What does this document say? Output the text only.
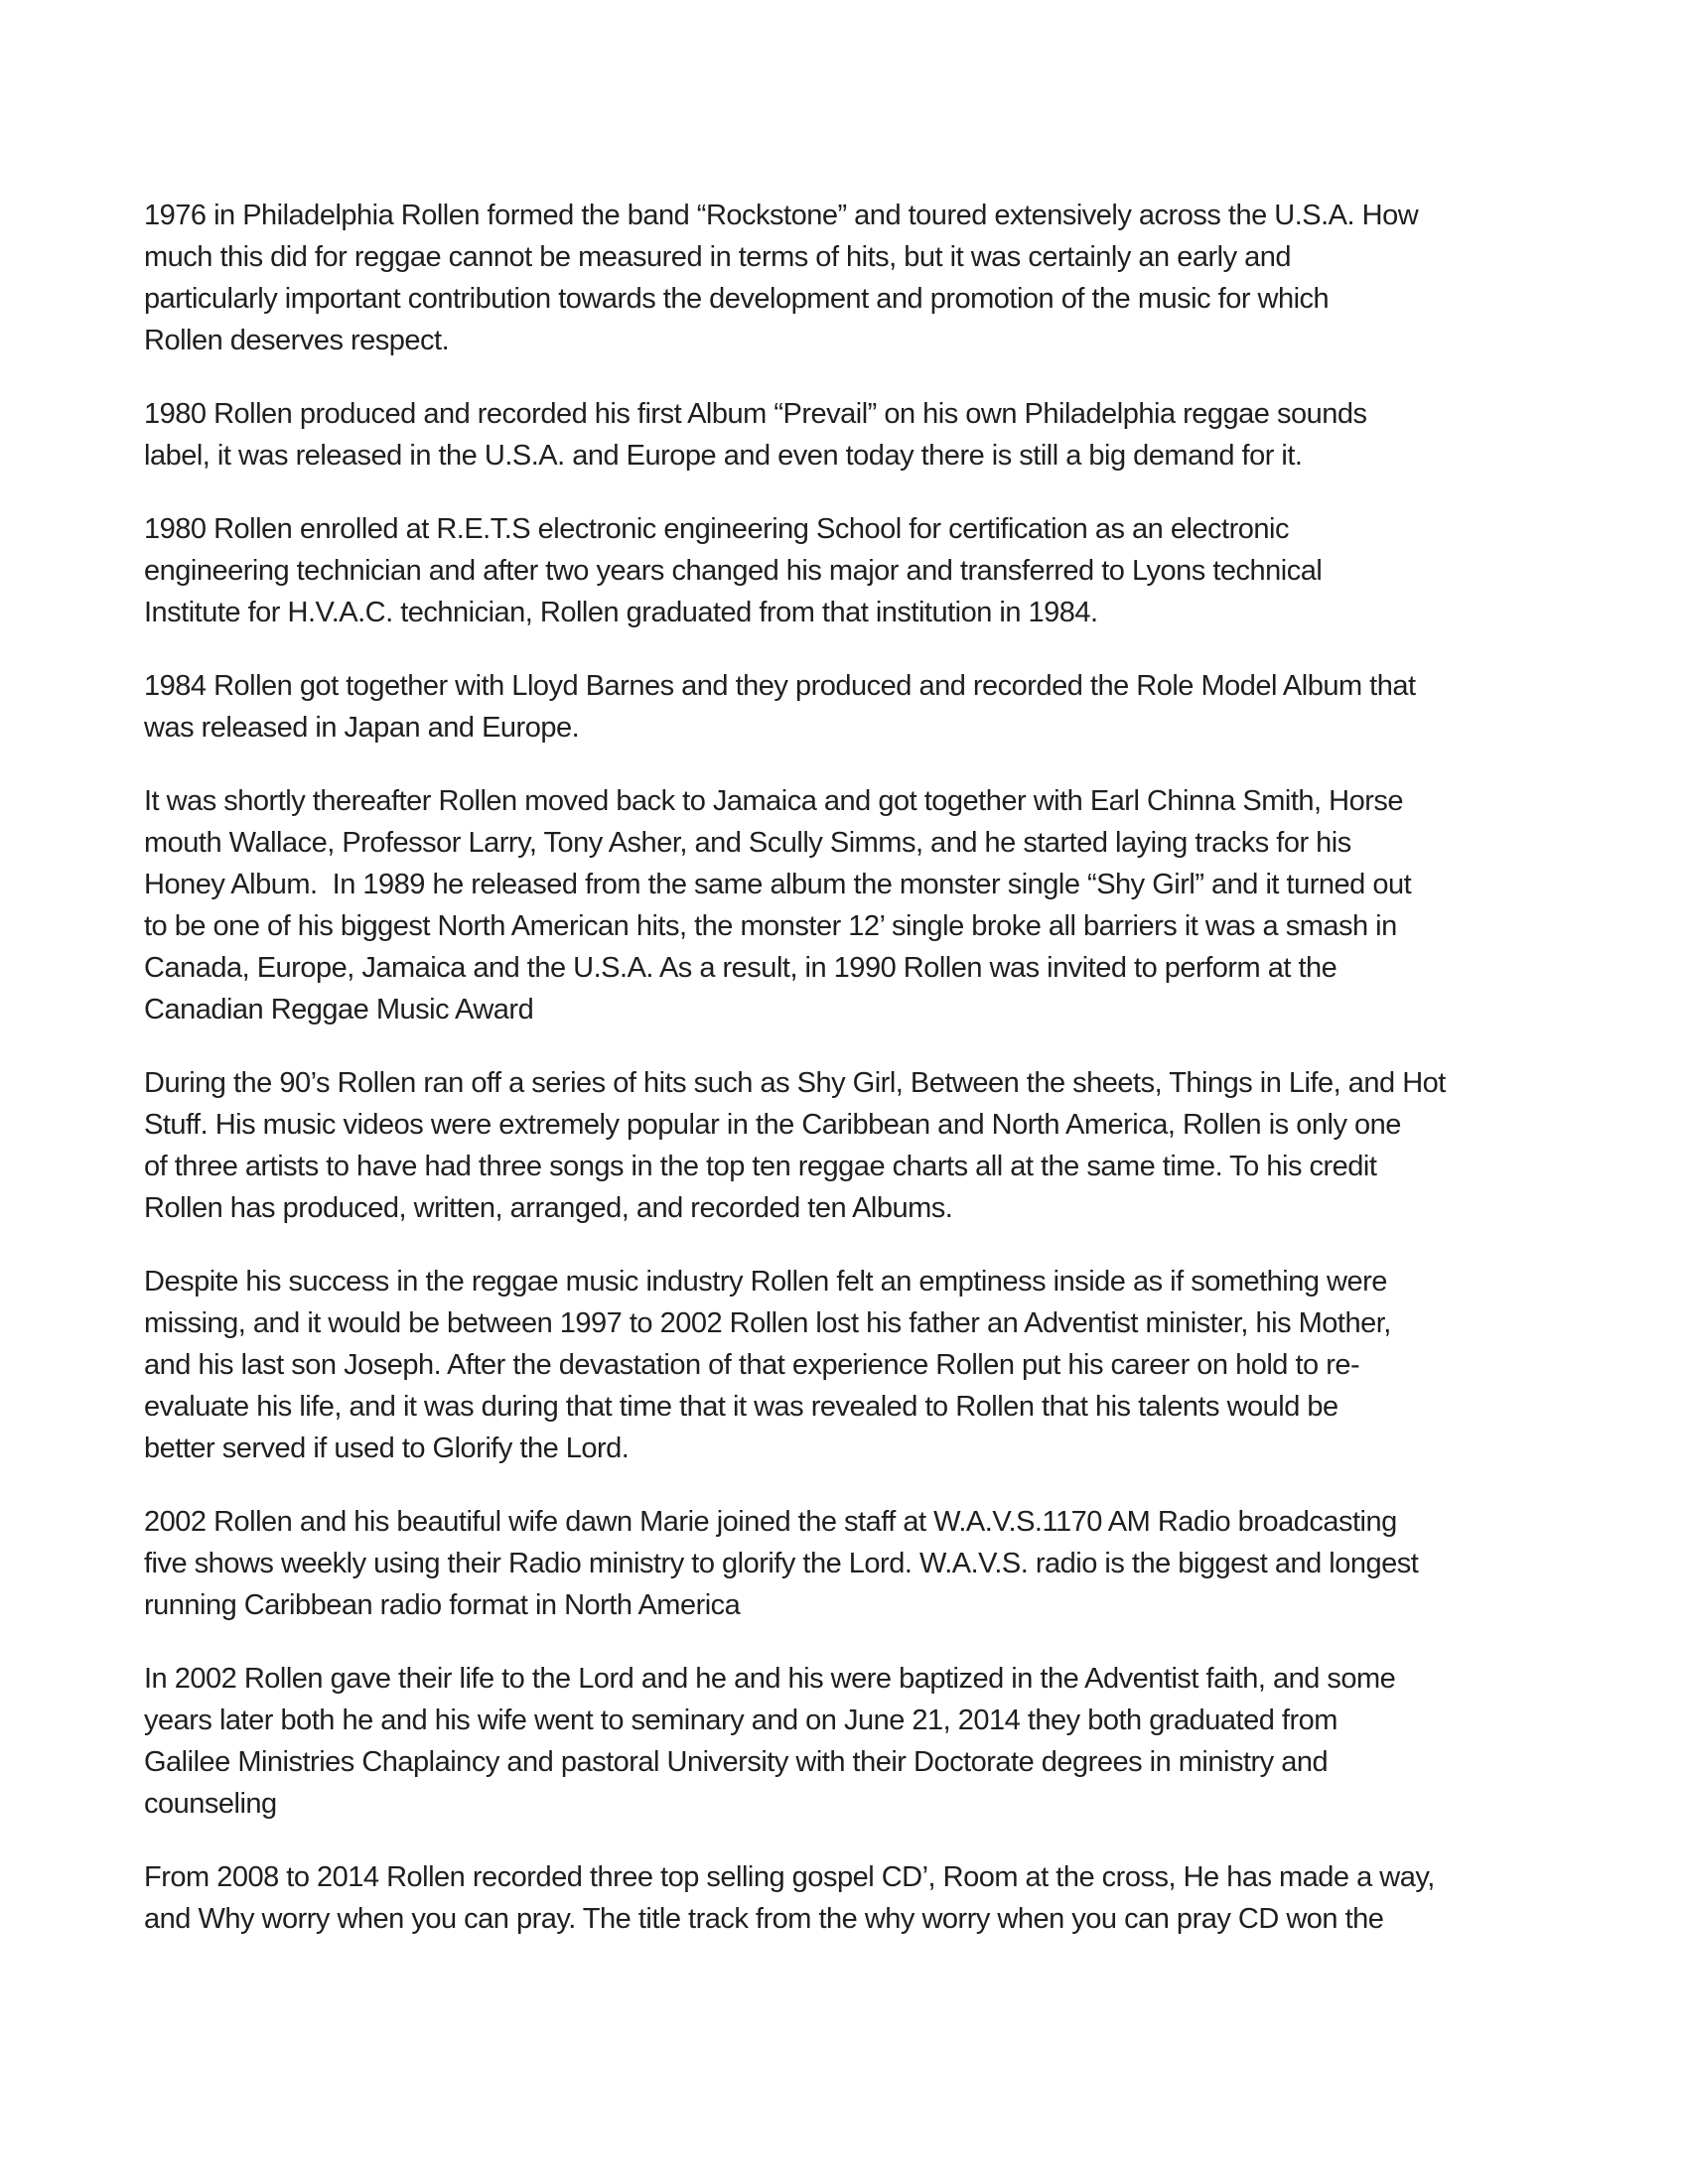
1976 in Philadelphia Rollen formed the band “Rockstone” and toured extensively across the U.S.A. How
much this did for reggae cannot be measured in terms of hits, but it was certainly an early and
particularly important contribution towards the development and promotion of the music for which
Rollen deserves respect.

1980 Rollen produced and recorded his first Album “Prevail” on his own Philadelphia reggae sounds
label, it was released in the U.S.A. and Europe and even today there is still a big demand for it.

1980 Rollen enrolled at R.E.T.S electronic engineering School for certification as an electronic
engineering technician and after two years changed his major and transferred to Lyons technical
Institute for H.V.A.C. technician, Rollen graduated from that institution in 1984.

1984 Rollen got together with Lloyd Barnes and they produced and recorded the Role Model Album that
was released in Japan and Europe.

It was shortly thereafter Rollen moved back to Jamaica and got together with Earl Chinna Smith, Horse
mouth Wallace, Professor Larry, Tony Asher, and Scully Simms, and he started laying tracks for his
Honey Album.  In 1989 he released from the same album the monster single “Shy Girl” and it turned out
to be one of his biggest North American hits, the monster 12’ single broke all barriers it was a smash in
Canada, Europe, Jamaica and the U.S.A. As a result, in 1990 Rollen was invited to perform at the
Canadian Reggae Music Award

During the 90’s Rollen ran off a series of hits such as Shy Girl, Between the sheets, Things in Life, and Hot
Stuff. His music videos were extremely popular in the Caribbean and North America, Rollen is only one
of three artists to have had three songs in the top ten reggae charts all at the same time. To his credit
Rollen has produced, written, arranged, and recorded ten Albums.

Despite his success in the reggae music industry Rollen felt an emptiness inside as if something were
missing, and it would be between 1997 to 2002 Rollen lost his father an Adventist minister, his Mother,
and his last son Joseph. After the devastation of that experience Rollen put his career on hold to re-
evaluate his life, and it was during that time that it was revealed to Rollen that his talents would be
better served if used to Glorify the Lord.

2002 Rollen and his beautiful wife dawn Marie joined the staff at W.A.V.S.1170 AM Radio broadcasting
five shows weekly using their Radio ministry to glorify the Lord. W.A.V.S. radio is the biggest and longest
running Caribbean radio format in North America

In 2002 Rollen gave their life to the Lord and he and his were baptized in the Adventist faith, and some
years later both he and his wife went to seminary and on June 21, 2014 they both graduated from
Galilee Ministries Chaplaincy and pastoral University with their Doctorate degrees in ministry and
counseling

From 2008 to 2014 Rollen recorded three top selling gospel CD’, Room at the cross, He has made a way,
and Why worry when you can pray. The title track from the why worry when you can pray CD won the
